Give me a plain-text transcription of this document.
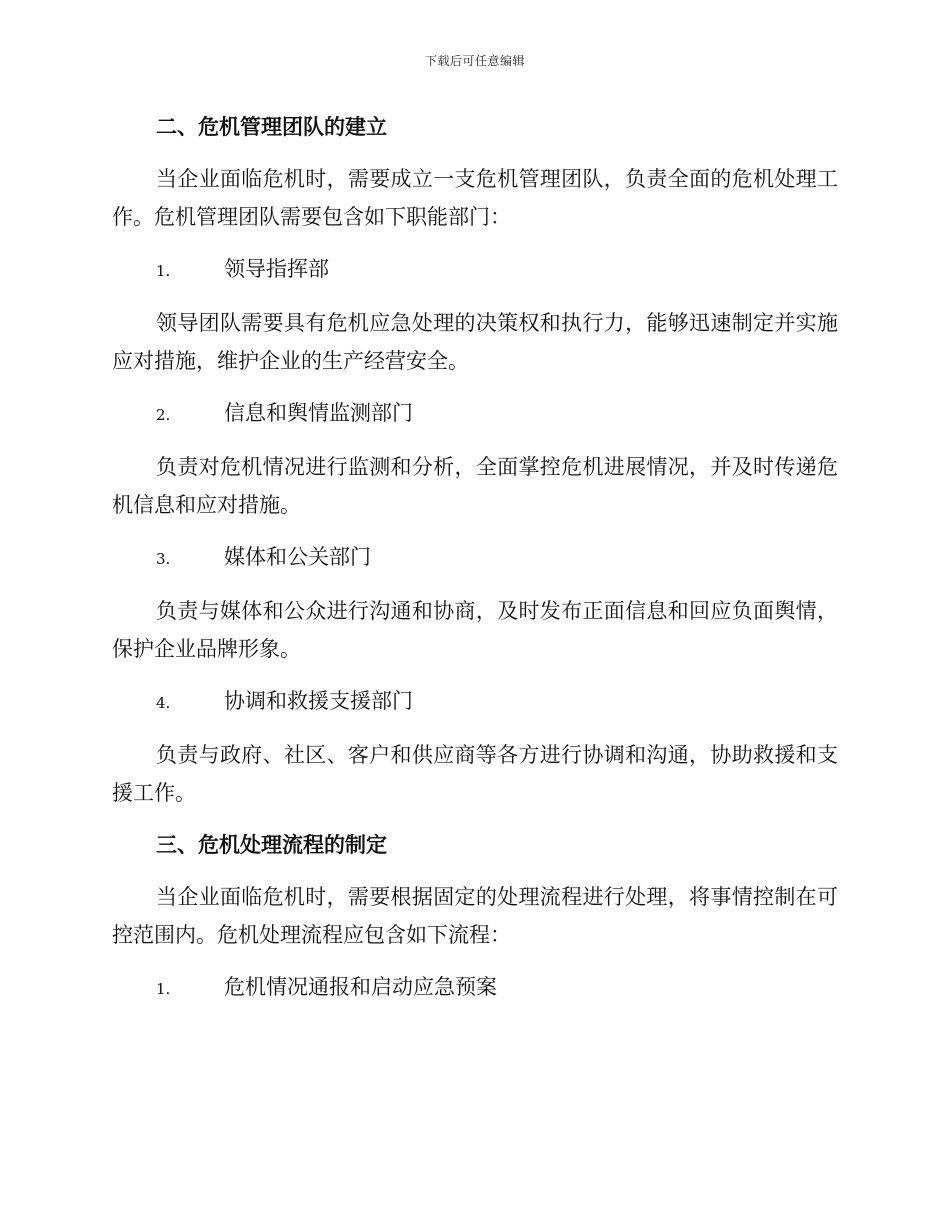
下载后可任意编辑
二、危机管理团队的建立

当企业面临危机时，需要成立一支危机管理团队，负责全面的危机处理工作。危机管理团队需要包含如下职能部门：

1.	领导指挥部

领导团队需要具有危机应急处理的决策权和执行力，能够迅速制定并实施应对措施，维护企业的生产经营安全。

2.	信息和舆情监测部门

负责对危机情况进行监测和分析，全面掌控危机进展情况，并及时传递危机信息和应对措施。

3.	媒体和公关部门

负责与媒体和公众进行沟通和协商，及时发布正面信息和回应负面舆情，保护企业品牌形象。

4.	协调和救援支援部门

负责与政府、社区、客户和供应商等各方进行协调和沟通，协助救援和支援工作。

三、危机处理流程的制定

当企业面临危机时，需要根据固定的处理流程进行处理，将事情控制在可控范围内。危机处理流程应包含如下流程：

1.	危机情况通报和启动应急预案
